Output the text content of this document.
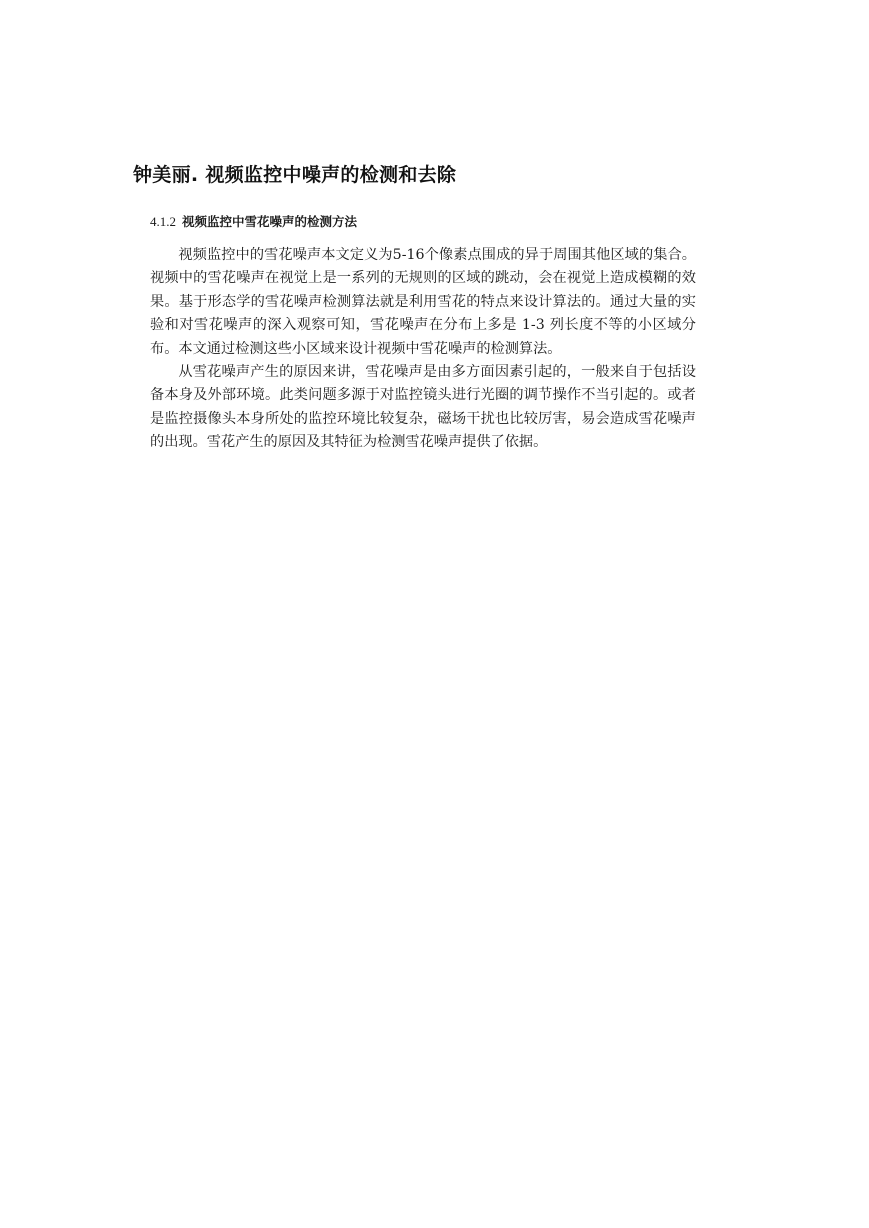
钟美丽. 视频监控中噪声的检测和去除
4.1.2 视频监控中雪花噪声的检测方法

视频监控中的雪花噪声本文定义为5-16个像素点围成的异于周围其他区域的集合。视频中的雪花噪声在视觉上是一系列的无规则的区域的跳动，会在视觉上造成模糊的效果。基于形态学的雪花噪声检测算法就是利用雪花的特点来设计算法的。通过大量的实验和对雪花噪声的深入观察可知，雪花噪声在分布上多是 1-3 列长度不等的小区域分布。本文通过检测这些小区域来设计视频中雪花噪声的检测算法。

从雪花噪声产生的原因来讲，雪花噪声是由多方面因素引起的，一般来自于包括设备本身及外部环境。此类问题多源于对监控镜头进行光圈的调节操作不当引起的。或者是监控摄像头本身所处的监控环境比较复杂，磁场干扰也比较厉害，易会造成雪花噪声的出现。雪花产生的原因及其特征为检测雪花噪声提供了依据。
